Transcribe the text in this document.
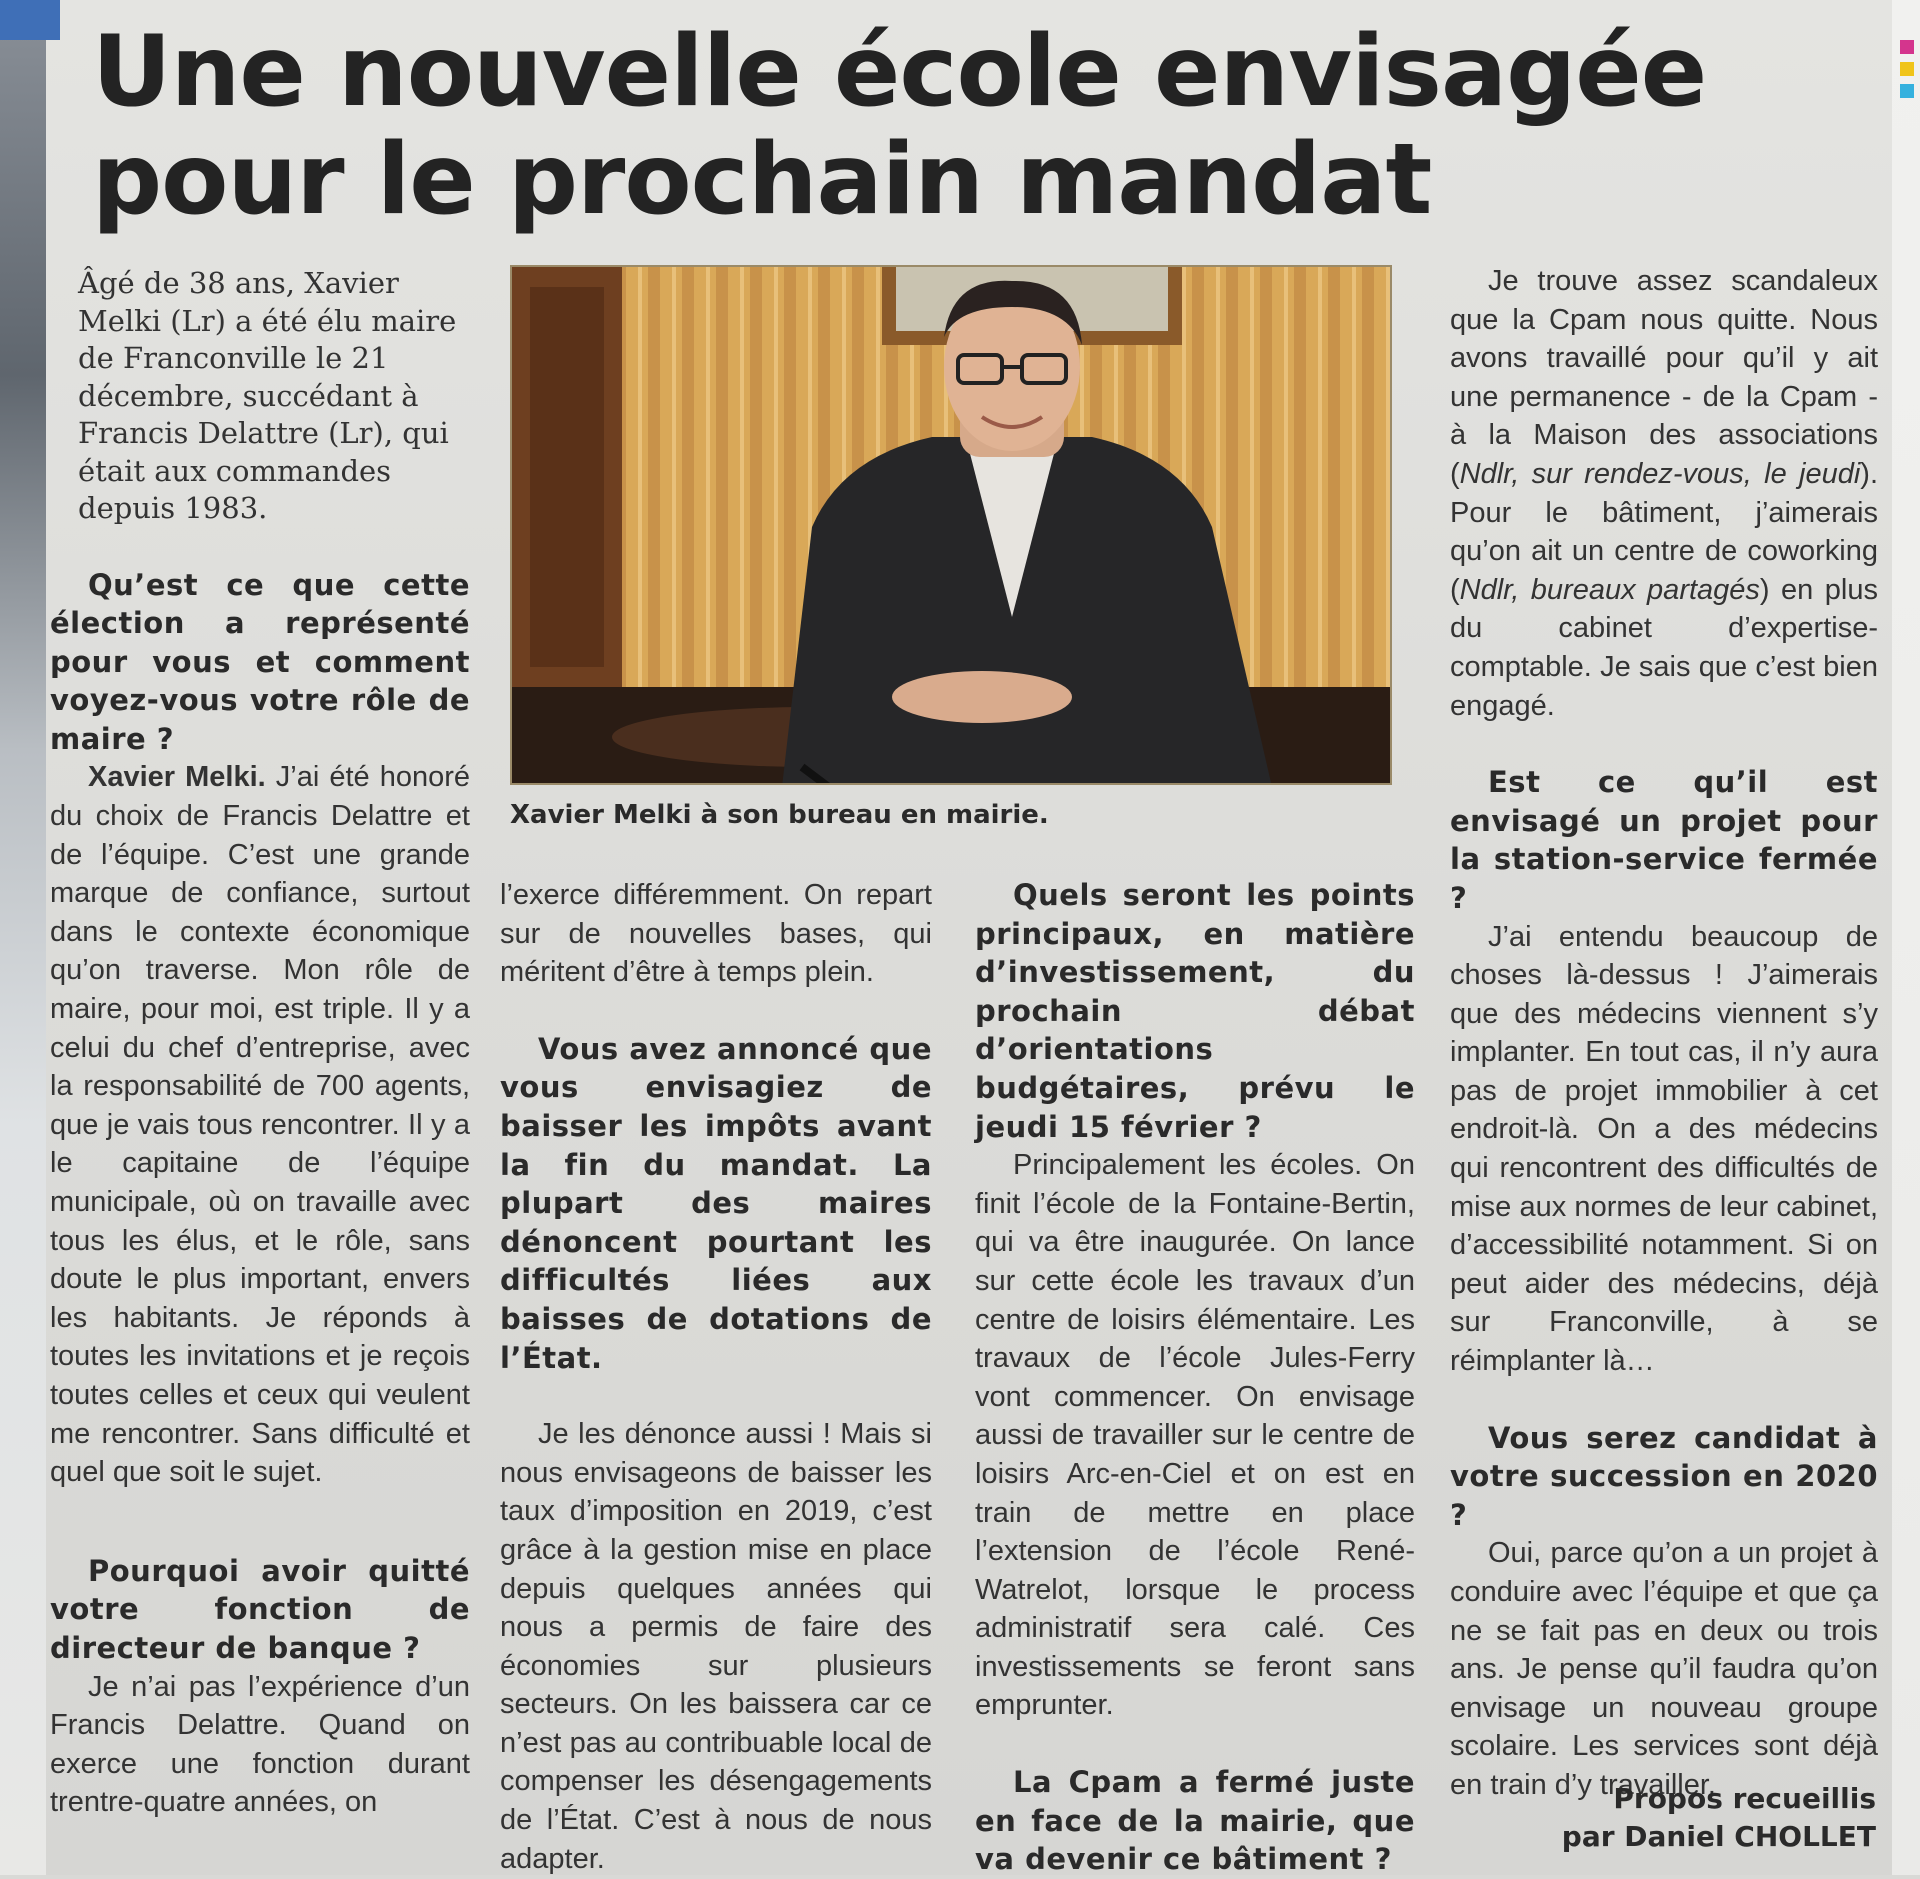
Une nouvelle école envisagée
pour le prochain mandat

Âgé de 38 ans, Xavier Melki (Lr) a été élu maire de Franconville le 21 décembre, succédant à Francis Delattre (Lr), qui était aux commandes depuis 1983.

Qu’est ce que cette élection a représenté pour vous et comment voyez-vous votre rôle de maire ?

Xavier Melki. J’ai été honoré du choix de Francis Delattre et de l’équipe. C’est une grande marque de confiance, surtout dans le contexte économique qu’on traverse. Mon rôle de maire, pour moi, est triple. Il y a celui du chef d’entreprise, avec la responsabilité de 700 agents, que je vais tous rencontrer. Il y a le capitaine de l’équipe municipale, où on travaille avec tous les élus, et le rôle, sans doute le plus important, envers les habitants. Je réponds à toutes les invitations et je reçois toutes celles et ceux qui veulent me rencontrer. Sans difficulté et quel que soit le sujet.

Pourquoi avoir quitté votre fonction de directeur de banque ?

Je n’ai pas l’expérience d’un Francis Delattre. Quand on exerce une fonction durant trentre-quatre années, on

Xavier Melki à son bureau en mairie.

l’exerce différemment. On repart sur de nouvelles bases, qui méritent d’être à temps plein.

Vous avez annoncé que vous envisagiez de baisser les impôts avant la fin du mandat. La plupart des maires dénoncent pourtant les difficultés liées aux baisses de dotations de l’État.

Je les dénonce aussi ! Mais si nous envisageons de baisser les taux d’imposition en 2019, c’est grâce à la gestion mise en place depuis quelques années qui nous a permis de faire des économies sur plusieurs secteurs. On les baissera car ce n’est pas au contribuable local de compenser les désengagements de l’État. C’est à nous de nous adapter.

Quels seront les points principaux, en matière d’investissement, du prochain débat d’orientations budgétaires, prévu le jeudi 15 février ?

Principalement les écoles. On finit l’école de la Fontaine-Bertin, qui va être inaugurée. On lance sur cette école les travaux d’un centre de loisirs élémentaire. Les travaux de l’école Jules-Ferry vont commencer. On envisage aussi de travailler sur le centre de loisirs Arc-en-Ciel et on est en train de mettre en place l’extension de l’école René-Watrelot, lorsque le process administratif sera calé. Ces investissements se feront sans emprunter.

La Cpam a fermé juste en face de la mairie, que va devenir ce bâtiment ?

Je trouve assez scandaleux que la Cpam nous quitte. Nous avons travaillé pour qu’il y ait une permanence - de la Cpam - à la Maison des associations (Ndlr, sur rendez-vous, le jeudi). Pour le bâtiment, j’aimerais qu’on ait un centre de coworking (Ndlr, bureaux partagés) en plus du cabinet d’expertise-comptable. Je sais que c’est bien engagé.

Est ce qu’il est envisagé un projet pour la station-service fermée ?

J’ai entendu beaucoup de choses là-dessus ! J’aimerais que des médecins viennent s’y implanter. En tout cas, il n’y aura pas de projet immobilier à cet endroit-là. On a des médecins qui rencontrent des difficultés de mise aux normes de leur cabinet, d’accessibilité notamment. Si on peut aider des médecins, déjà sur Franconville, à se réimplanter là…

Vous serez candidat à votre succession en 2020 ?

Oui, parce qu’on a un projet à conduire avec l’équipe et que ça ne se fait pas en deux ou trois ans. Je pense qu’il faudra qu’on envisage un nouveau groupe scolaire. Les services sont déjà en train d’y travailler.

Propos recueillis
par Daniel CHOLLET
